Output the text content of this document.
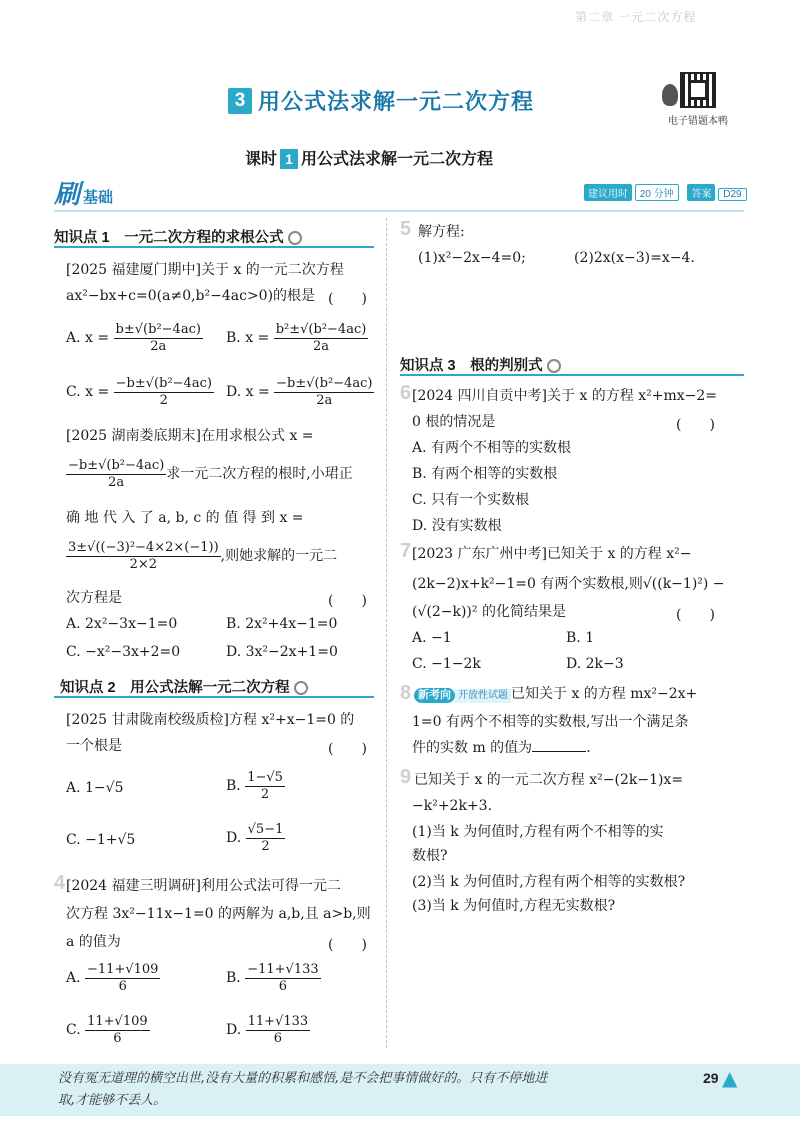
第二章 一元二次方程
3 用公式法求解一元二次方程
电子错题本鸭
课时 1 用公式法求解一元二次方程
刷 基础	建议用时 20 分钟 答案 D29
知识点 1　一元二次方程的求根公式
[2025 福建厦门期中]关于 x 的一元二次方程
ax²−bx+c=0(a≠0,b²−4ac>0)的根是 (　　)
A. $x = \frac{\text{b±√(b²−4ac)}}{2a} B$. $x = \frac{\text{b²±√(b²−4ac)}}{2a}$
C. $x = \frac{\text{−b±√(b²−4ac)}}{2} D$. $x = \frac{\text{−b±√(b²−4ac)}}{2a}$
[2025 湖南娄底期末]在用求根公式 x =
$\frac{\text{−b±√(b²−4ac)}}{2a}$ 求一元二次方程的根时,小珺正
确 地 代 入 了 a, b, c 的 值 得 到 x =
$\frac{\text{3±√((−3)²−4×2×(−1))}}{2\times 2}$ ,则她求解的一元二
次方程是	(　　)
A. 2x²−3x−1=0	B. 2x²+4x−1=0
C. −x²−3x+2=0	D. 3x²−2x+1=0
知识点 2　用公式法解一元二次方程
[2025 甘肃陇南校级质检]方程 x²+x−1=0 的
一个根是	(　　)
A. 1−√5	B. $\frac{1-√5}{2}$
C. −1+√5	D. $\frac{√5-1}{2}$
4 [2024 福建三明调研]利用公式法可得一元二
次方程 3x²−11x−1=0 的两解为 a,b,且 a>b,则
a 的值为	(　　)
A. $\frac{-11+√109}{6}$	B. $\frac{-11+√133}{6}$
C. $\frac{11+√109}{6}$	D. $\frac{11+√133}{6}$
5 解方程:
(1)x²−2x−4=0;	(2)2x(x−3)=x−4.
知识点 3　根的判别式
6 [2024 四川自贡中考]关于 x 的方程 x²+mx−2=
0 根的情况是	(　　)
A. 有两个不相等的实数根
B. 有两个相等的实数根
C. 只有一个实数根
D. 没有实数根
7 [2023 广东广州中考]已知关于 x 的方程 x²−
(2k−2)x+k²−1=0 有两个实数根,则√((k−1)²) −
(√(2−k))² 的化简结果是	(　　)
A. −1	B. 1
C. −1−2k	D. 2k−3
8 新考向 开放性试题 已知关于 x 的方程 mx²−2x+
1=0 有两个不相等的实数根,写出一个满足条
件的实数 m 的值为	.
9 已知关于 x 的一元二次方程 x²−(2k−1)x=
−k²+2k+3.
(1)当 k 为何值时,方程有两个不相等的实
数根?
(2)当 k 为何值时,方程有两个相等的实数根?
(3)当 k 为何值时,方程无实数根?
没有冤无道理的横空出世,没有大量的积累和感悟,是不会把事情做好的。只有不停地进
取,才能够不丢人。
29 ▲
